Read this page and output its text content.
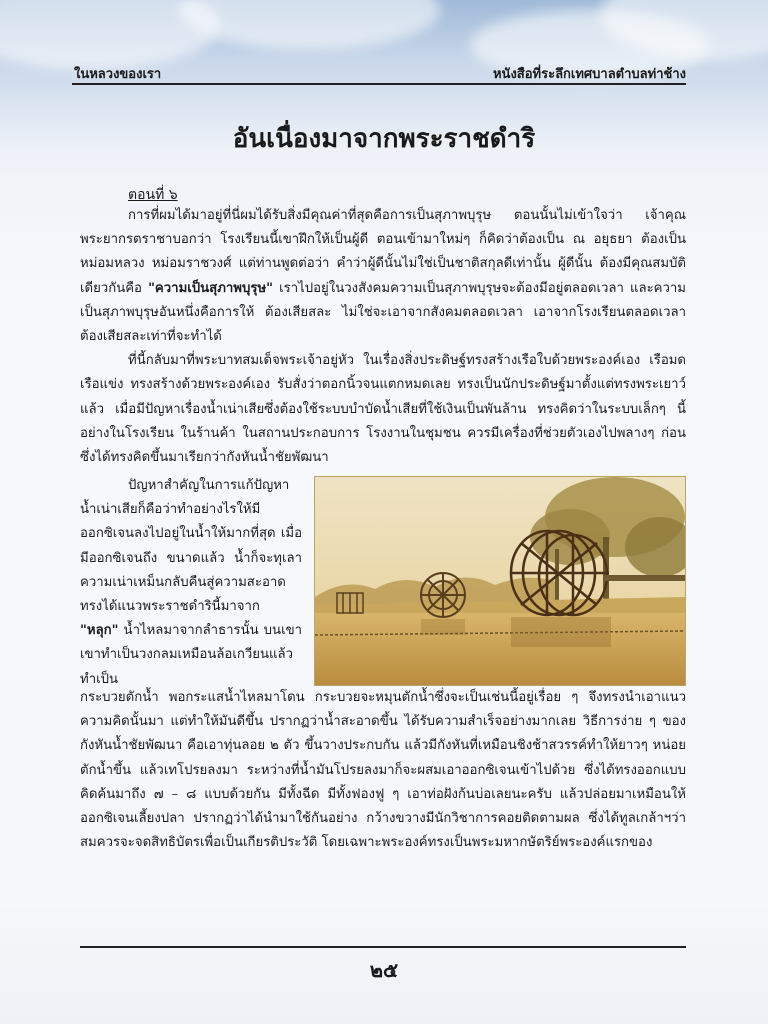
ในหลวงของเรา	หนังสือที่ระลึกเทศบาลตำบลท่าช้าง
อันเนื่องมาจากพระราชดำริ
ตอนที่ ๖

การที่ผมได้มาอยู่ที่นี่ผมได้รับสิ่งมีคุณค่าที่สุดคือการเป็นสุภาพบุรุษ ตอนนั้นไม่เข้าใจว่า เจ้าคุณพระยากรตราชาบอกว่า โรงเรียนนี้เขาฝึกให้เป็นผู้ดี ตอนเข้ามาใหม่ๆ ก็คิดว่าต้องเป็น ณ อยุธยา ต้องเป็นหม่อมหลวง หม่อมราชวงศ์ แต่ท่านพูดต่อว่า คำว่าผู้ดีนั้นไม่ใช่เป็นชาติสกุลดีเท่านั้น ผู้ดีนั้น ต้องมีคุณสมบัติเดียวกันคือ "ความเป็นสุภาพบุรุษ" เราไปอยู่ในวงสังคมความเป็นสุภาพบุรุษจะต้องมีอยู่ตลอดเวลา และความเป็นสุภาพบุรุษอันหนึ่งคือการให้ ต้องเสียสละ ไม่ใช่จะเอาจากสังคมตลอดเวลา เอาจากโรงเรียนตลอดเวลา ต้องเสียสละเท่าที่จะทำได้

ที่นี้กลับมาที่พระบาทสมเด็จพระเจ้าอยู่หัว ในเรื่องสิ่งประดิษฐ์ทรงสร้างเรือใบด้วยพระองค์เอง เรือมด เรือแข่ง ทรงสร้างด้วยพระองค์เอง รับสั่งว่าตอกนิ้วจนแตกหมดเลย ทรงเป็นนักประดิษฐ์มาตั้งแต่ทรงพระเยาว์แล้ว เมื่อมีปัญหาเรื่องน้ำเน่าเสียซึ่งต้องใช้ระบบบำบัดน้ำเสียที่ใช้เงินเป็นพันล้าน ทรงคิดว่าในระบบเล็กๆ นี้ อย่างในโรงเรียน ในร้านค้า ในสถานประกอบการ โรงงานในชุมชน ควรมีเครื่องที่ช่วยตัวเองไปพลางๆ ก่อน ซึ่งได้ทรงคิดขึ้นมาเรียกว่ากังหันน้ำชัยพัฒนา

ปัญหาสำคัญในการแก้ปัญหาน้ำเน่าเสียก็คือว่าทำอย่างไรให้มีออกซิเจนลงไปอยู่ในน้ำให้มากที่สุด เมื่อมีออกซิเจนถึง ขนาดแล้ว น้ำก็จะทุเลาความเน่าเหม็นกลับคืนสู่ความสะอาด ทรงได้แนวพระราชดำรินี้มาจาก "หลุก" น้ำไหลมาจากลำธารนั้น บนเขา เขาทำเป็นวงกลมเหมือนล้อเกวียนแล้วทำเป็น

กระบวยตักน้ำ พอกระแสน้ำไหลมาโดน กระบวยจะหมุนตักน้ำซึ่งจะเป็นเช่นนี้อยู่เรื่อย ๆ จึงทรงนำเอาแนวความคิดนั้นมา แต่ทำให้มันดีขึ้น ปรากฏว่าน้ำสะอาดขึ้น ได้รับความสำเร็จอย่างมากเลย วิธีการง่าย ๆ ของกังหันน้ำชัยพัฒนา คือเอาทุ่นลอย ๒ ตัว ขึ้นวางประกบกัน แล้วมีกังหันที่เหมือนชิงช้าสวรรค์ทำให้ยาวๆ หน่อยตักน้ำขึ้น แล้วเทโปรยลงมา ระหว่างที่น้ำมันโปรยลงมาก็จะผสมเอาออกซิเจนเข้าไปด้วย ซึ่งได้ทรงออกแบบคิดค้นมาถึง ๗ – ๘ แบบด้วยกัน มีทั้งฉีด มีทั้งฟองฟู ๆ เอาท่อฝังก้นบ่อเลยนะครับ แล้วปล่อยมาเหมือนให้ออกซิเจนเลี้ยงปลา ปรากฏว่าได้นำมาใช้กันอย่าง กว้างขวางมีนักวิชาการคอยติดตามผล ซึ่งได้ทูลเกล้าฯว่าสมควรจะจดสิทธิบัตรเพื่อเป็นเกียรติประวัติ โดยเฉพาะพระองค์ทรงเป็นพระมหากษัตริย์พระองค์แรกของ

๒๕
